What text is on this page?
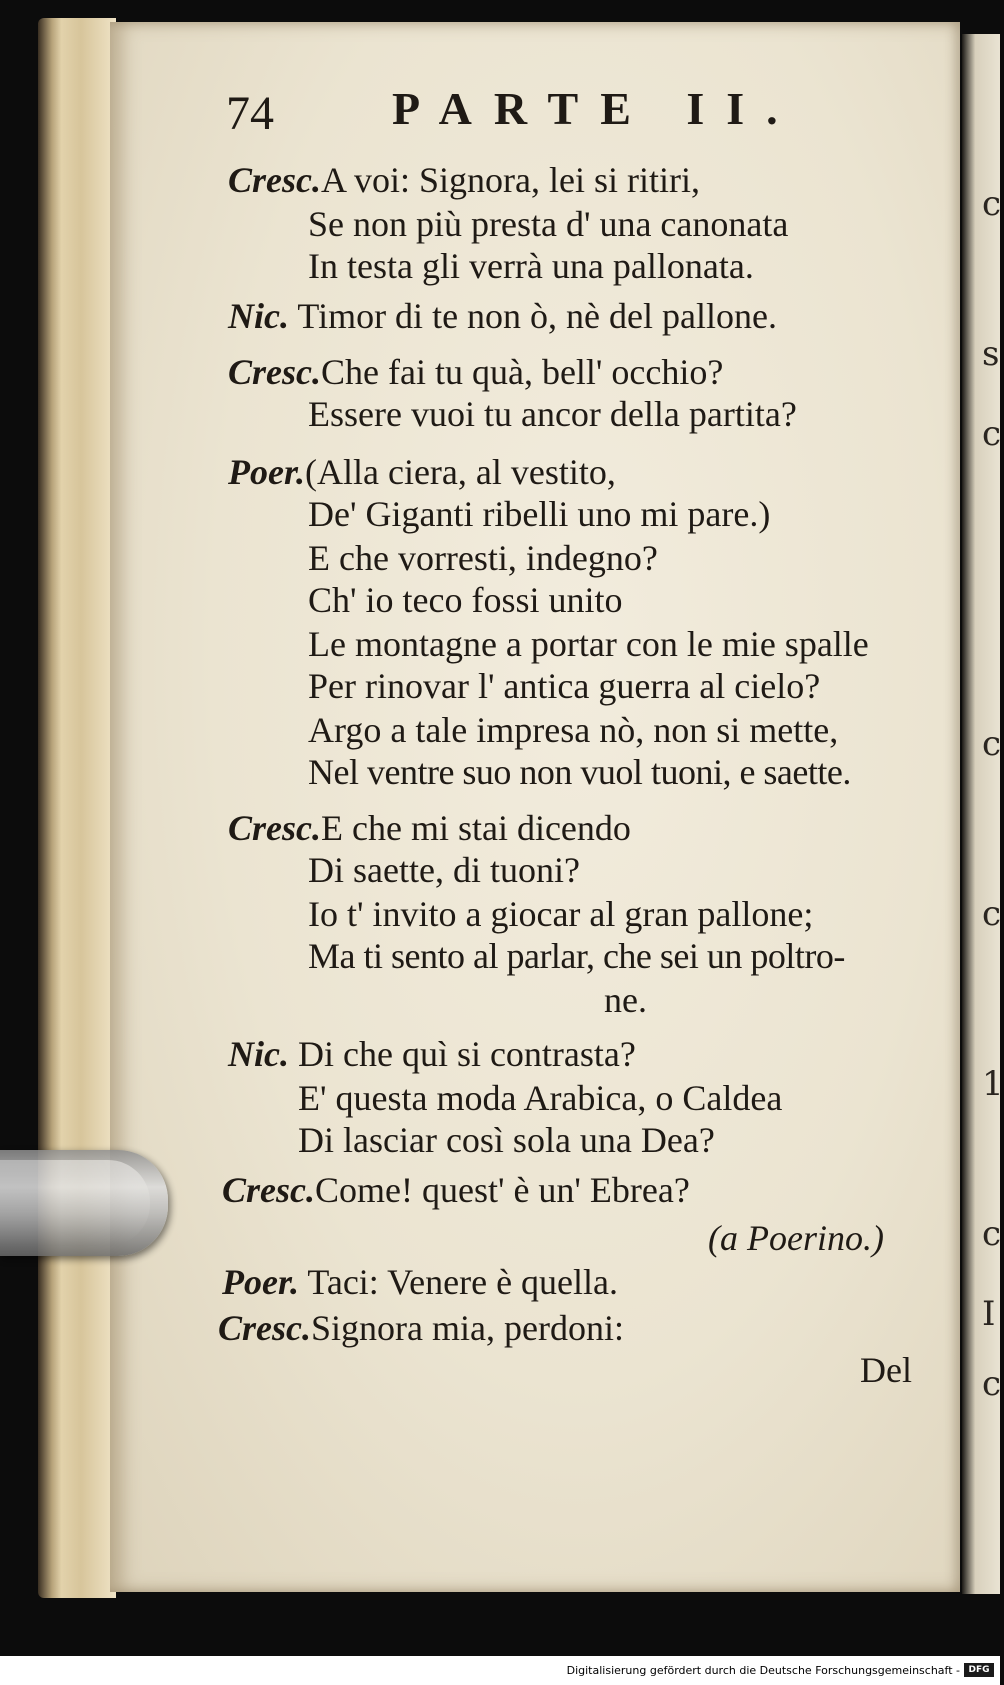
c
s
c
c
c
1
c
I
c
74	PARTE II.
Cresc.A voi: Signora, lei si ritiri,
Se non più presta d' una canonata
In testa gli verrà una pallonata.
Nic. Timor di te non ò, nè del pallone.
Cresc.Che fai tu quà, bell' occhio?
Essere vuoi tu ancor della partita?
Poer.(Alla ciera, al vestito,
De' Giganti ribelli uno mi pare.)
E che vorresti, indegno?
Ch' io teco fossi unito
Le montagne a portar con le mie spalle
Per rinovar l' antica guerra al cielo?
Argo a tale impresa nò, non si mette,
Nel ventre suo non vuol tuoni, e saette.
Cresc.E che mi stai dicendo
Di saette, di tuoni?
Io t' invito a giocar al gran pallone;
Ma ti sento al parlar, che sei un poltro-
ne.
Nic. Di che quì si contrasta?
E' questa moda Arabica, o Caldea
Di lasciar così sola una Dea?
Cresc.Come! quest' è un' Ebrea?
(a Poerino.)
Poer. Taci: Venere è quella.
Cresc.Signora mia, perdoni:
Del
Digitalisierung gefördert durch die Deutsche Forschungsgemeinschaft - DFG
